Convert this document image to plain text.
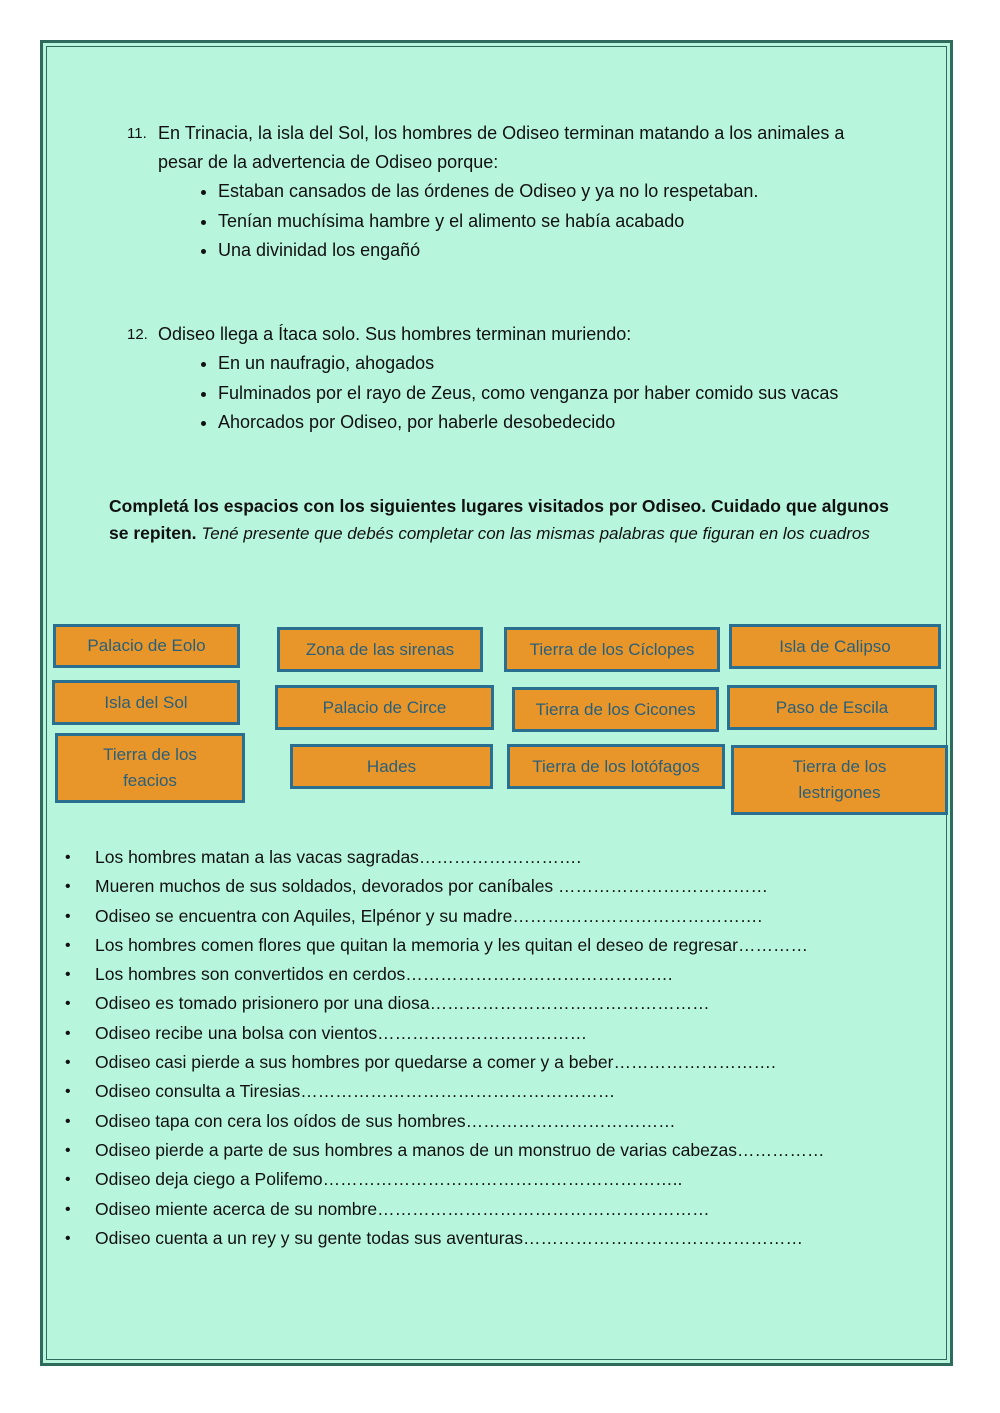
11. En Trinacia, la isla del Sol, los hombres de Odiseo terminan matando a los animales a pesar de la advertencia de Odiseo porque:
• Estaban cansados de las órdenes de Odiseo y ya no lo respetaban.
• Tenían muchísima hambre y el alimento se había acabado
• Una divinidad los engañó
12. Odiseo llega a Ítaca solo. Sus hombres terminan muriendo:
• En un naufragio, ahogados
• Fulminados por el rayo de Zeus, como venganza por haber comido sus vacas
• Ahorcados por Odiseo, por haberle desobedecido
Completá los espacios con los siguientes lugares visitados por Odiseo. Cuidado que algunos se repiten. Tené presente que debés completar con las mismas palabras que figuran en los cuadros
Palacio de Eolo	Zona de las sirenas	Tierra de los Cíclopes	Isla de Calipso
Isla del Sol	Palacio de Circe	Tierra de los Cicones	Paso de Escila
Tierra de los feacios
Hades	Tierra de los lotófagos	Tierra de los lestrigones
• Los hombres matan a las vacas sagradas……………………….
• Mueren muchos de sus soldados, devorados por caníbales ………………………………
• Odiseo se encuentra con Aquiles, Elpénor y su madre…………………………………….
• Los hombres comen flores que quitan la memoria y les quitan el deseo de regresar…………
• Los hombres son convertidos en cerdos……………………………………….
• Odiseo es tomado prisionero por una diosa…………………………………………
• Odiseo recibe una bolsa con vientos………………………………
• Odiseo casi pierde a sus hombres por quedarse a comer y a beber……………………….
• Odiseo consulta a Tiresias………………………………………………
• Odiseo tapa con cera los oídos de sus hombres………………………………
• Odiseo pierde a parte de sus hombres a manos de un monstruo de varias cabezas……………
• Odiseo deja ciego a Polifemo……………………………………………………..
• Odiseo miente acerca de su nombre…………………………………………………
• Odiseo cuenta a un rey y su gente todas sus aventuras…………………………………………
